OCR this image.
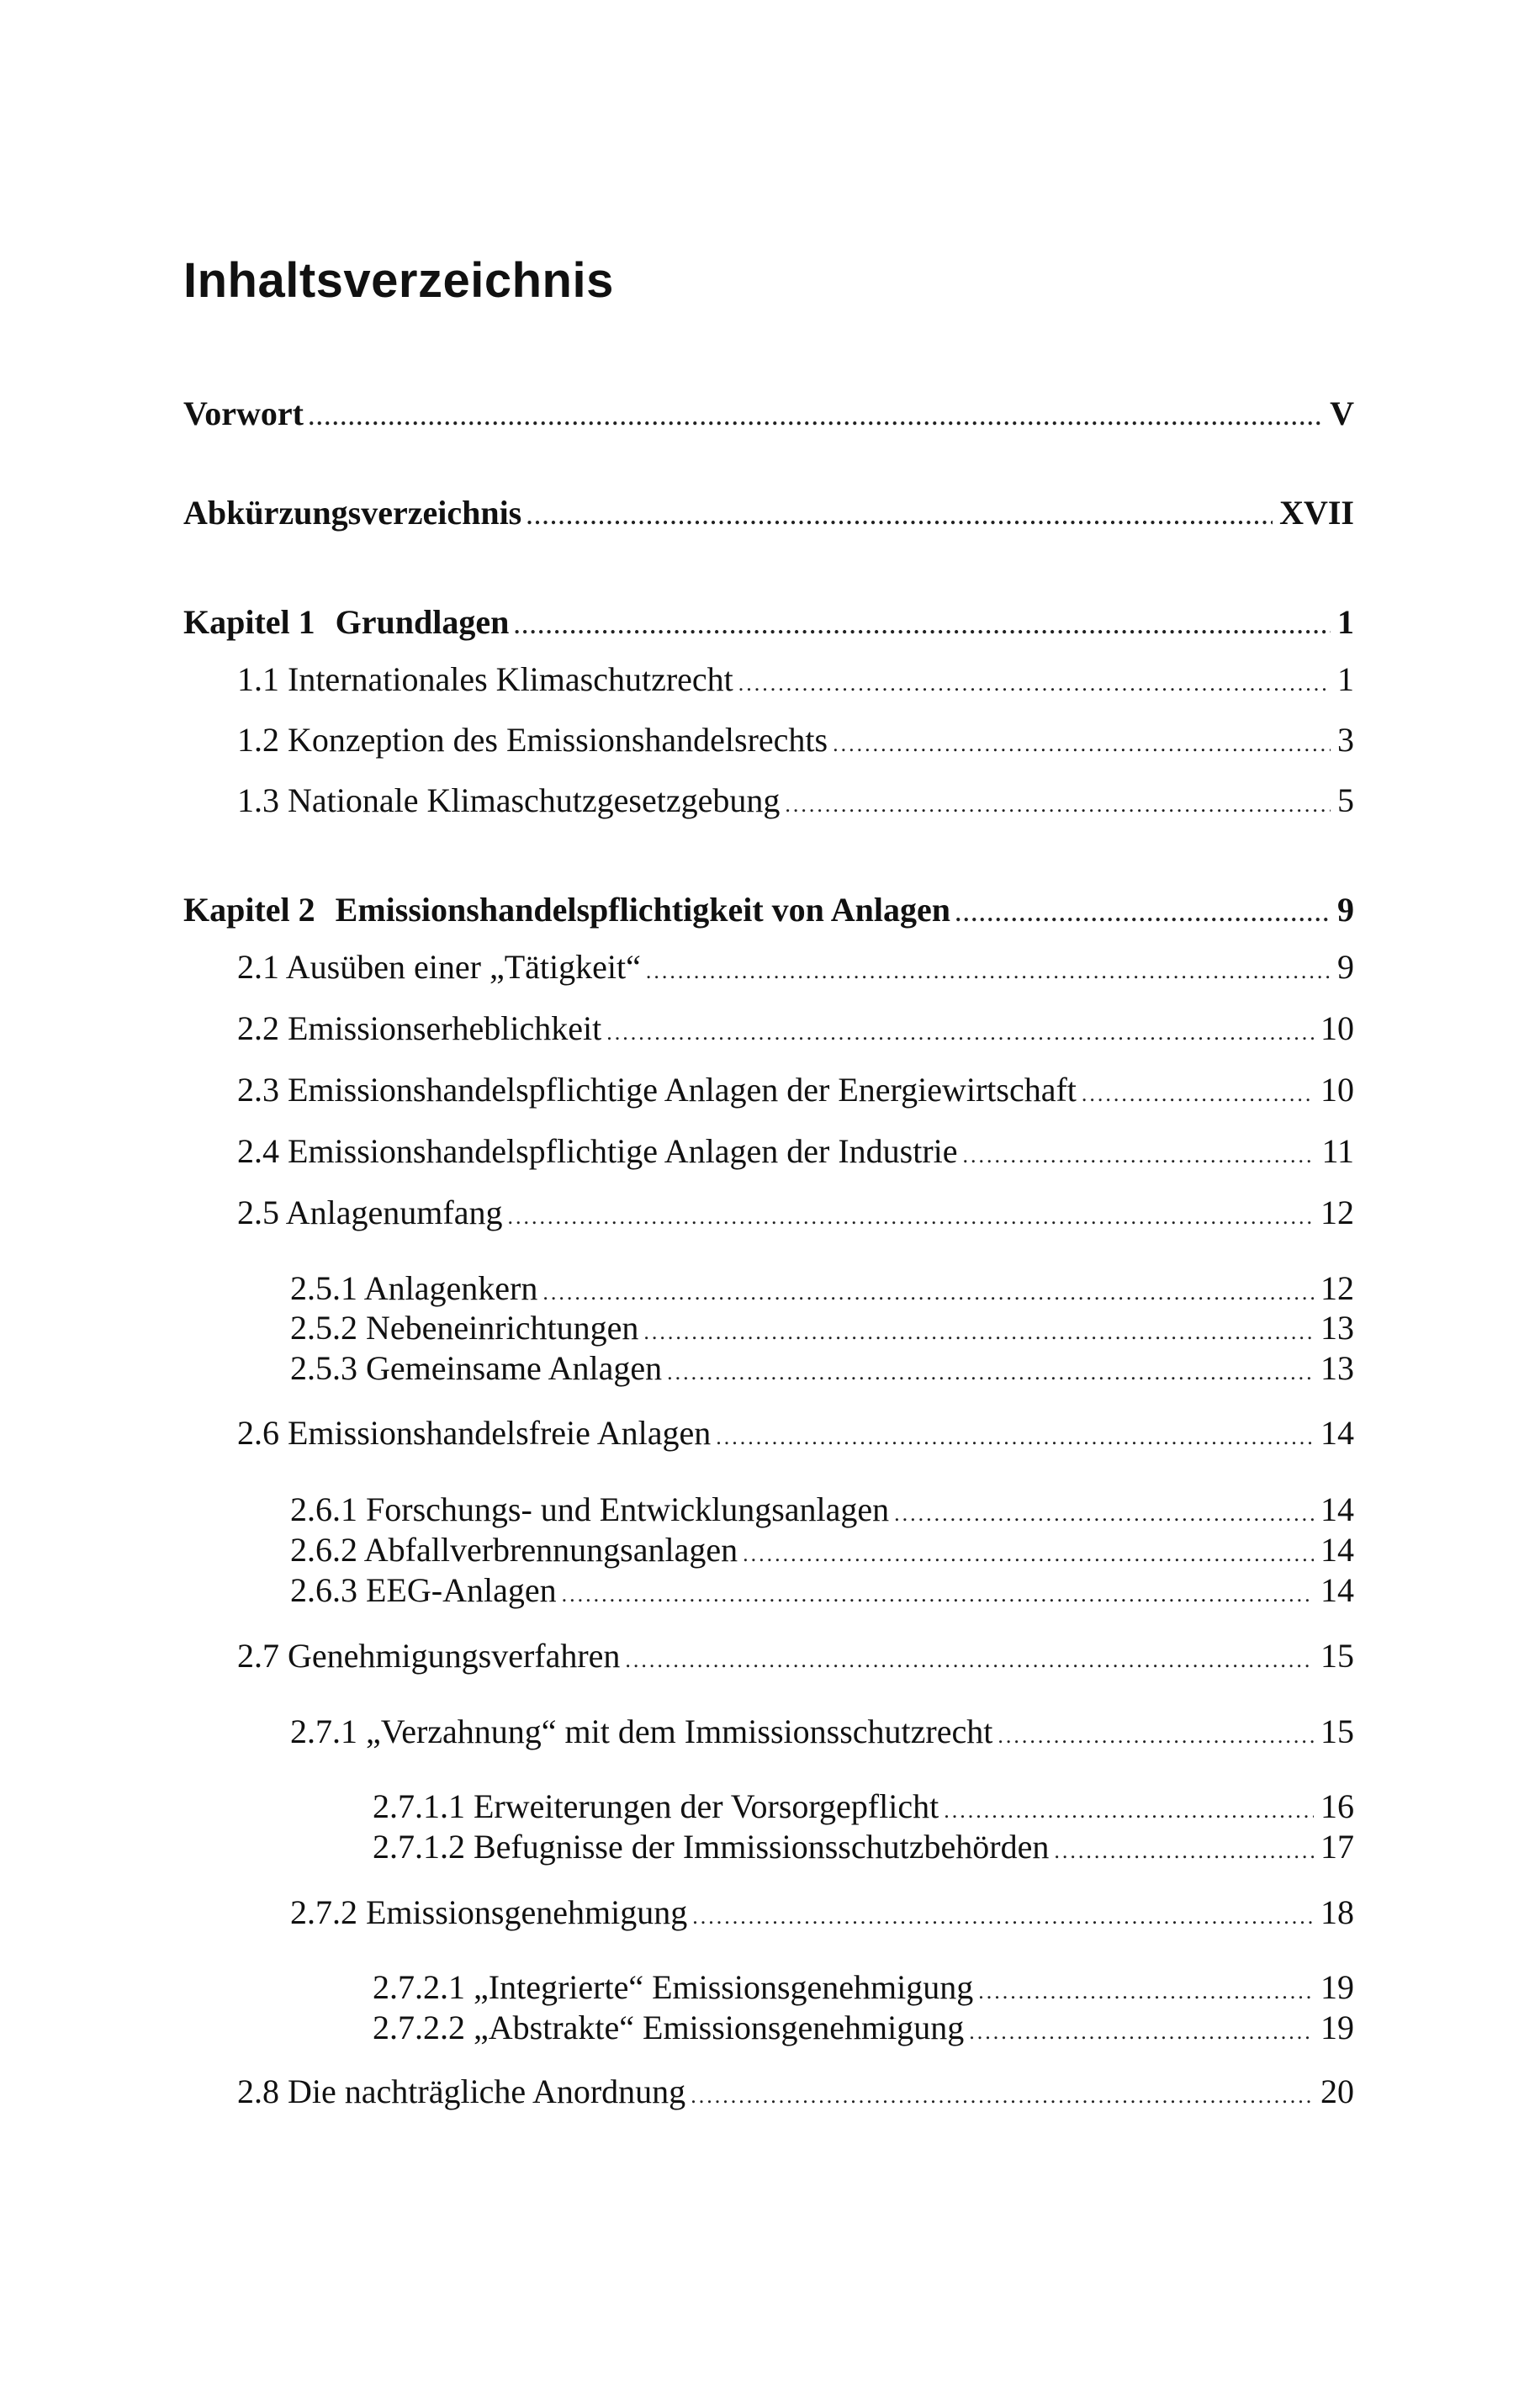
Inhaltsverzeichnis
Vorwort .....	V
Abkürzungsverzeichnis .....	XVII
Kapitel 1 Grundlagen .....	1
1.1 Internationales Klimaschutzrecht .....	1
1.2 Konzeption des Emissionshandelsrechts .....	3
1.3 Nationale Klimaschutzgesetzgebung .....	5
Kapitel 2 Emissionshandelspflichtigkeit von Anlagen .....	9
2.1 Ausüben einer „Tätigkeit“ .....	9
2.2 Emissionserheblichkeit .....	10
2.3 Emissionshandelspflichtige Anlagen der Energiewirtschaft .....	10
2.4 Emissionshandelspflichtige Anlagen der Industrie .....	11
2.5 Anlagenumfang .....	12
2.5.1 Anlagenkern .....	12
2.5.2 Nebeneinrichtungen .....	13
2.5.3 Gemeinsame Anlagen .....	13
2.6 Emissionshandelsfreie Anlagen .....	14
2.6.1 Forschungs- und Entwicklungsanlagen .....	14
2.6.2 Abfallverbrennungsanlagen .....	14
2.6.3 EEG-Anlagen .....	14
2.7 Genehmigungsverfahren .....	15
2.7.1 „Verzahnung“ mit dem Immissionsschutzrecht .....	15
2.7.1.1 Erweiterungen der Vorsorgepflicht .....	16
2.7.1.2 Befugnisse der Immissionsschutzbehörden .....	17
2.7.2 Emissionsgenehmigung .....	18
2.7.2.1 „Integrierte“ Emissionsgenehmigung .....	19
2.7.2.2 „Abstrakte“ Emissionsgenehmigung .....	19
2.8 Die nachträgliche Anordnung .....	20
